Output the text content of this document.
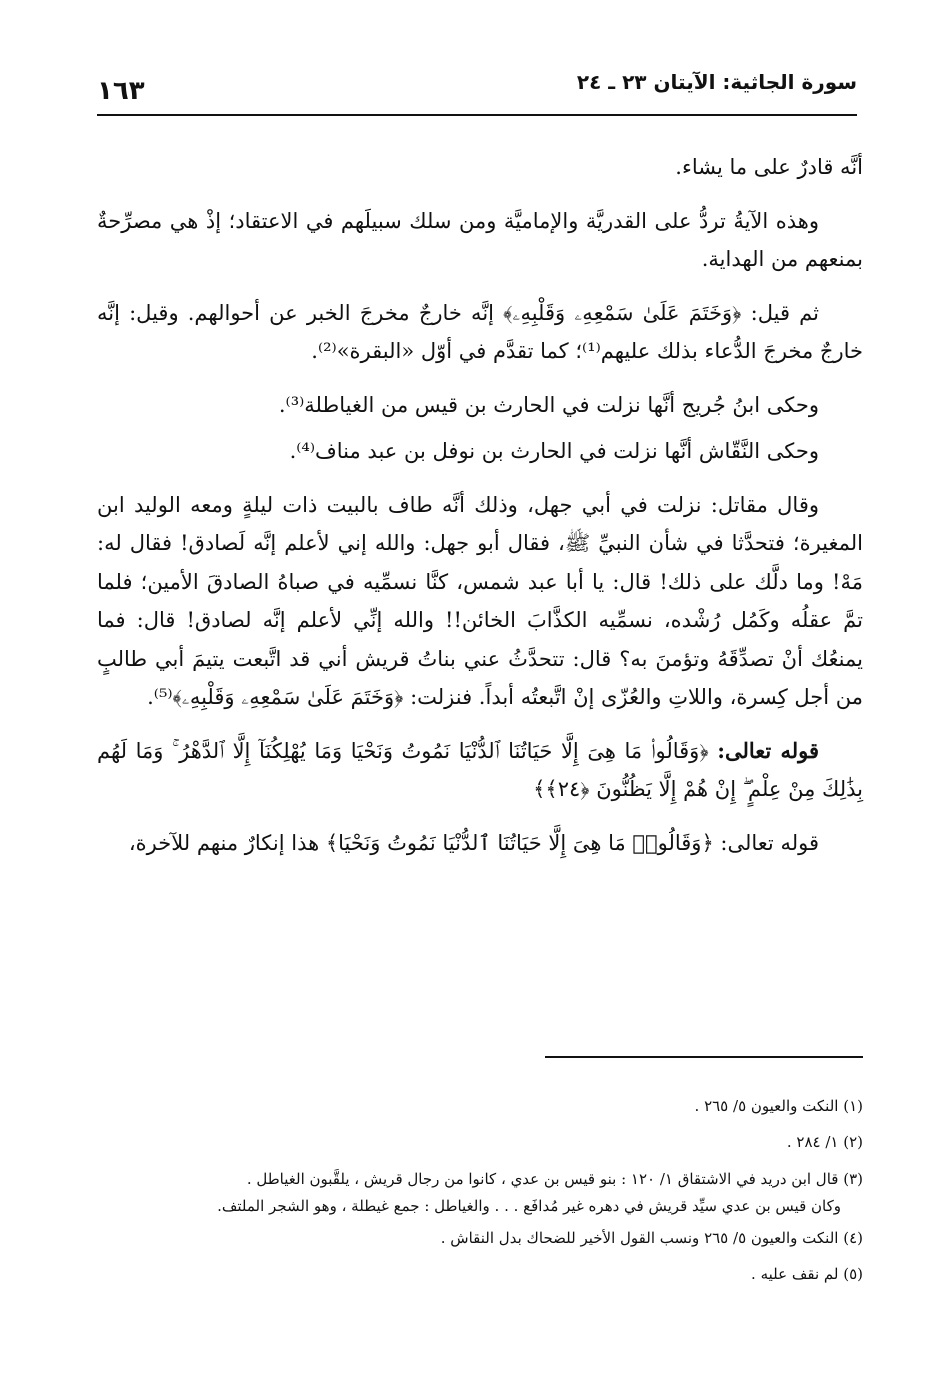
سورة الجاثية: الآيتان ٢٣ ـ ٢٤
١٦٣

أنَّه قادرٌ على ما يشاء.

وهذه الآيةُ تردُّ على القدريَّة والإماميَّة ومن سلك سبيلَهم في الاعتقاد؛ إذْ هي مصرِّحةٌ بمنعهم من الهداية.

ثم قيل: ﴿وَخَتَمَ عَلَىٰ سَمْعِهِۦ وَقَلْبِهِۦ﴾ إنَّه خارجٌ مخرجَ الخبر عن أحوالهم. وقيل: إنَّه خارجٌ مخرجَ الدُّعاء بذلك عليهم⁽¹⁾؛ كما تقدَّم في أوّل «البقرة»⁽²⁾.

وحكى ابنُ جُريج أنَّها نزلت في الحارث بن قيس من الغياطلة⁽³⁾.

وحكى النَّقّاش أنَّها نزلت في الحارث بن نوفل بن عبد مناف⁽⁴⁾.

وقال مقاتل: نزلت في أبي جهل، وذلك أنَّه طاف بالبيت ذات ليلةٍ ومعه الوليد ابن المغيرة؛ فتحدَّثا في شأن النبيِّ ﷺ، فقال أبو جهل: والله إني لأعلم إنَّه لَصادق! فقال له: مَهْ! وما دلَّك على ذلك! قال: يا أبا عبد شمس، كنَّا نسمِّيه في صباهُ الصادقَ الأمين؛ فلما تمَّ عقلُه وكَمُل رُشْده، نسمِّيه الكذَّابَ الخائن!! والله إنِّي لأعلم إنَّه لصادق! قال: فما يمنعُك أنْ تصدِّقَهُ وتؤمنَ به؟ قال: تتحدَّثُ عني بناتُ قريش أني قد اتَّبعت يتيمَ أبي طالبٍ من أجل كِسرة، واللاتِ والعُزّى إنْ اتَّبعتُه أبداً. فنزلت: ﴿وَخَتَمَ عَلَىٰ سَمْعِهِۦ وَقَلْبِهِۦ﴾⁽⁵⁾.

قوله تعالى: ﴿وَقَالُوا۟ مَا هِىَ إِلَّا حَيَاتُنَا ٱلدُّنْيَا نَمُوتُ وَنَحْيَا وَمَا يُهْلِكُنَآ إِلَّا ٱلدَّهْرُ ۚ وَمَا لَهُم بِذَٰلِكَ مِنْ عِلْمٍ ۖ إِنْ هُمْ إِلَّا يَظُنُّونَ ﴿٢٤﴾﴾

قوله تعالى: ﴿وَقَالُوا۟ مَا هِىَ إِلَّا حَيَاتُنَا ٱلدُّنْيَا نَمُوتُ وَنَحْيَا﴾ هذا إنكارٌ منهم للآخرة،

(١) النكت والعيون ٥/ ٢٦٥ .

(٢) ١/ ٢٨٤ .

(٣) قال ابن دريد في الاشتقاق ١/ ١٢٠ : بنو قيس بن عدي ، كانوا من رجال قريش ، يلقَّبون الغياطل .

وكان قيس بن عدي سيِّد قريش في دهره غير مُدافَع . . . والغياطل : جمع غيطلة ، وهو الشجر الملتف.

(٤) النكت والعيون ٥/ ٢٦٥ ونسب القول الأخير للضحاك بدل النقاش .

(٥) لم نقف عليه .
